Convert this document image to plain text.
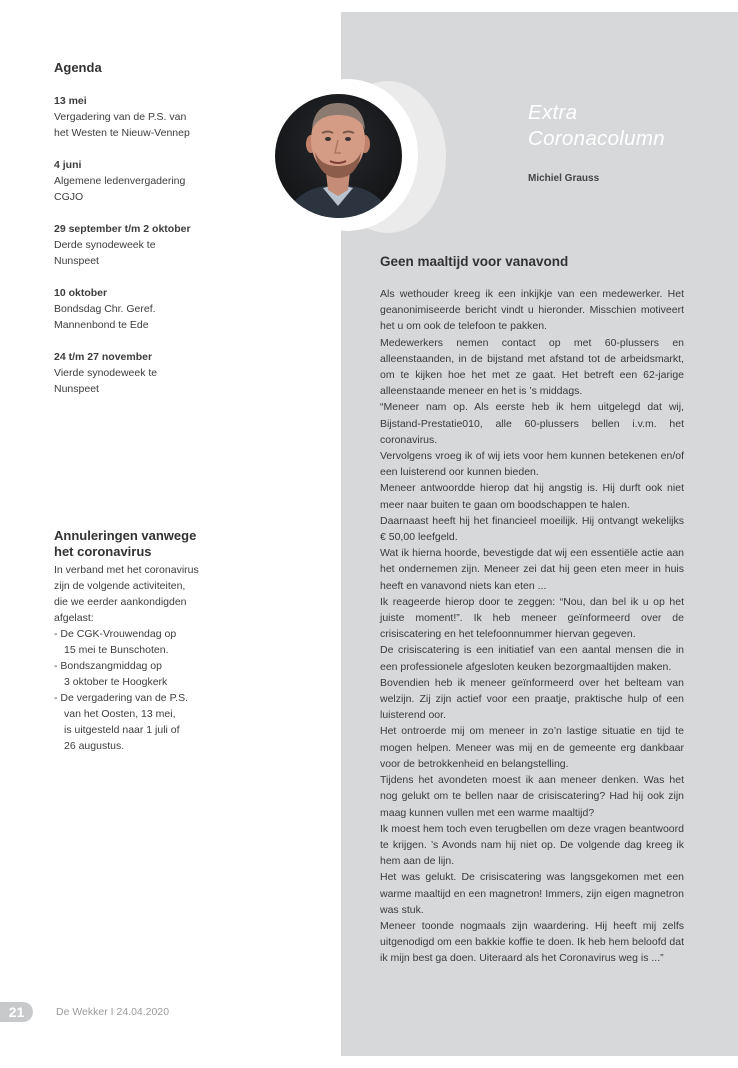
Agenda
13 mei
Vergadering van de P.S. van
het Westen te Nieuw-Vennep
4 juni
Algemene ledenvergadering
CGJO
29 september t/m 2 oktober
Derde synodeweek te
Nunspeet
10 oktober
Bondsdag Chr. Geref.
Mannenbond te Ede
24 t/m 27 november
Vierde synodeweek te
Nunspeet
Annuleringen vanwege
het coronavirus

In verband met het coronavirus
zijn de volgende activiteiten,
die we eerder aankondigden
afgelast:

- De CGK-Vrouwendag op
15 mei te Bunschoten.
- Bondszangmiddag op
3 oktober te Hoogkerk
- De vergadering van de P.S.
van het Oosten, 13 mei,
is uitgesteld naar 1 juli of
26 augustus.
Extra
Coronacolumn
Michiel Grauss
Geen maaltijd voor vanavond

Als wethouder kreeg ik een inkijkje van een medewerker. Het geanonimiseerde bericht vindt u hieronder. Misschien motiveert het u om ook de telefoon te pakken.

Medewerkers nemen contact op met 60-plussers en alleenstaanden, in de bijstand met afstand tot de arbeidsmarkt, om te kijken hoe het met ze gaat. Het betreft een 62-jarige alleenstaande meneer en het is ’s middags.

“Meneer nam op. Als eerste heb ik hem uitgelegd dat wij, Bijstand-Prestatie010, alle 60-plussers bellen i.v.m. het coronavirus.

Vervolgens vroeg ik of wij iets voor hem kunnen betekenen en/of een luisterend oor kunnen bieden.

Meneer antwoordde hierop dat hij angstig is. Hij durft ook niet meer naar buiten te gaan om boodschappen te halen.

Daarnaast heeft hij het financieel moeilijk. Hij ontvangt wekelijks € 50,00 leefgeld.

Wat ik hierna hoorde, bevestigde dat wij een essentiële actie aan het ondernemen zijn. Meneer zei dat hij geen eten meer in huis heeft en vanavond niets kan eten ...

Ik reageerde hierop door te zeggen: “Nou, dan bel ik u op het juiste moment!”. Ik heb meneer geïnformeerd over de crisiscatering en het telefoonnummer hiervan gegeven.

De crisiscatering is een initiatief van een aantal mensen die in een professionele afgesloten keuken bezorgmaaltijden maken.

Bovendien heb ik meneer geïnformeerd over het belteam van welzijn. Zij zijn actief voor een praatje, praktische hulp of een luisterend oor.

Het ontroerde mij om meneer in zo’n lastige situatie en tijd te mogen helpen. Meneer was mij en de gemeente erg dankbaar voor de betrokkenheid en belangstelling.

Tijdens het avondeten moest ik aan meneer denken. Was het nog gelukt om te bellen naar de crisiscatering? Had hij ook zijn maag kunnen vullen met een warme maaltijd?

Ik moest hem toch even terugbellen om deze vragen beantwoord te krijgen. ’s Avonds nam hij niet op. De volgende dag kreeg ik hem aan de lijn.

Het was gelukt. De crisiscatering was langsgekomen met een warme maaltijd en een magnetron! Immers, zijn eigen magnetron was stuk.

Meneer toonde nogmaals zijn waardering. Hij heeft mij zelfs uitgenodigd om een bakkie koffie te doen. Ik heb hem beloofd dat ik mijn best ga doen. Uiteraard als het Coronavirus weg is ...”

21	De Wekker I 24.04.2020
